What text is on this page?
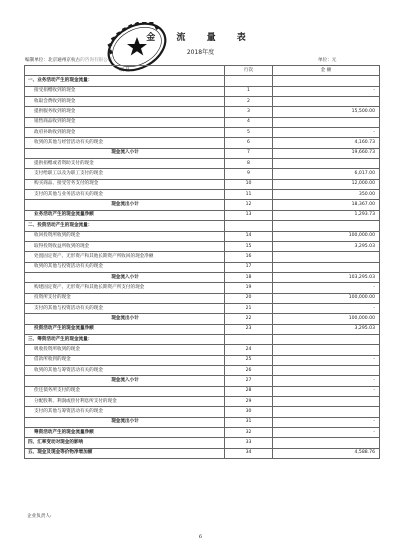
金 流 量 表
2018年度
编制单位：北京通州京杭古的咨询有限公司	单位：元
项 目	行次	金 额
一、业务活动产生的现金流量：		
接受捐赠收到的现金	1	-
收取会费收到的现金	2	
提供服务收到的现金	3	15,500.00
销售商品收到的现金	4	
政府补助收到的现金	5	-
收到的其他与经营活动有关的现金	6	4,160.73
现金流入小计	7	19,660.73
提供捐赠或者资助支付的现金	8	
支付给职工以及为职工支付的现金	9	6,017.00
购买商品、接受劳务支付的现金	10	12,000.00
支付的其他与业务活动有关的现金	11	350.00
现金流出小计	12	18,367.00
业务活动产生的现金流量净额	13	1,293.73
二、投资活动产生的现金流量：		
收回投资所收到的现金	14	100,000.00
取得投资收益所收到的现金	15	3,295.03
处置固定资产、无形资产和其他长期资产所收回的现金净额	16	
收到的其他与投资活动有关的现金	17	
现金流入小计	18	103,295.03
购建固定资产、无形资产和其他长期资产所支付的现金	19	-
投资所支付的现金	20	100,000.00
支付的其他与投资活动有关的现金	21	-
现金流出小计	22	100,000.00
投资活动产生的现金流量净额	23	3,295.03
三、筹资活动产生的现金流量：		
吸收投资所收到的现金	24	
借款所收到的现金	25	-
收到的其他与筹资活动有关的现金	26	
现金流入小计	27	-
偿还债务所支付的现金	28	-
分配股利、利润或偿付利息所支付的现金	29	
支付的其他与筹资活动有关的现金	30	
现金流出小计	31	-
筹资活动产生的现金流量净额	32	-
四、汇率变动对现金的影响	33	
五、现金及现金等价物净增加额	34	4,588.76
企业负责人:
6
